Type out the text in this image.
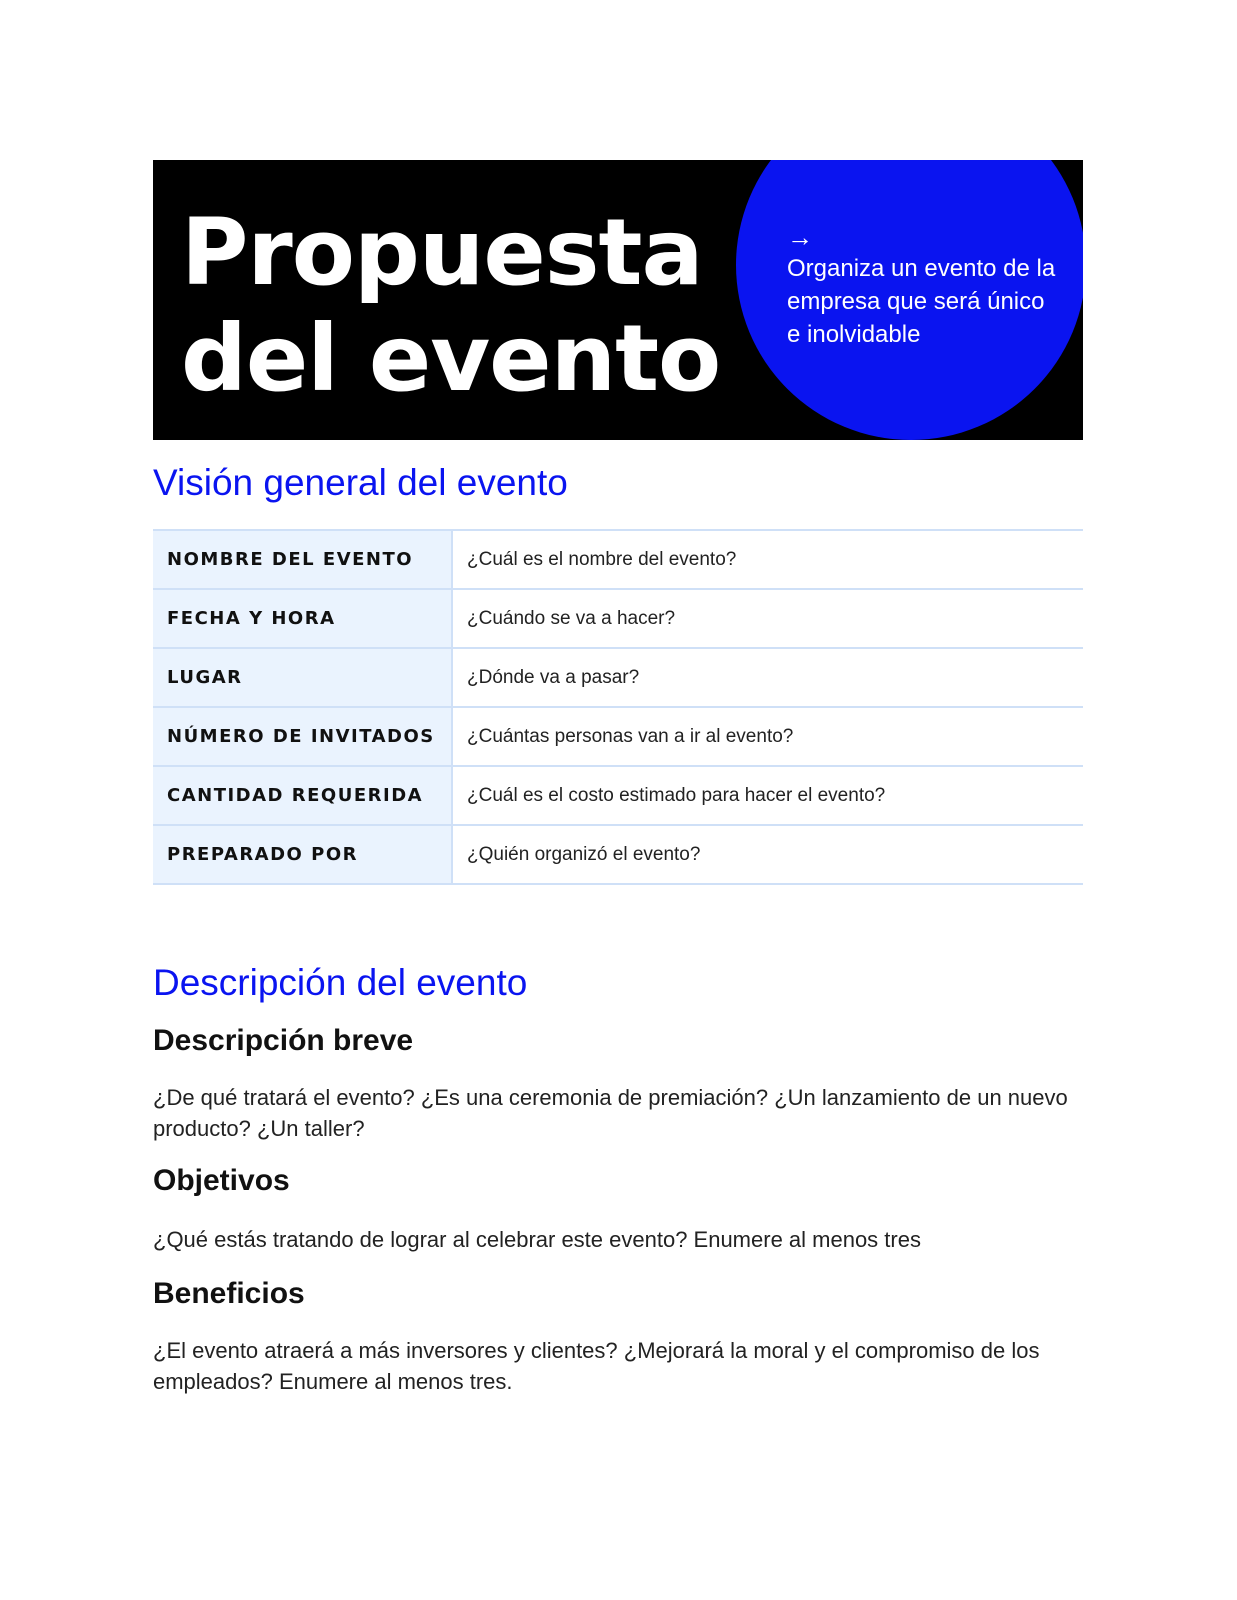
Propuesta
del evento
→
Organiza un evento de la empresa que será único e inolvidable
Visión general del evento
NOMBRE DEL EVENTO	¿Cuál es el nombre del evento?
FECHA Y HORA	¿Cuándo se va a hacer?
LUGAR	¿Dónde va a pasar?
NÚMERO DE INVITADOS	¿Cuántas personas van a ir al evento?
CANTIDAD REQUERIDA	¿Cuál es el costo estimado para hacer el evento?
PREPARADO POR	¿Quién organizó el evento?
Descripción del evento
Descripción breve

¿De qué tratará el evento? ¿Es una ceremonia de premiación? ¿Un lanzamiento de un nuevo producto? ¿Un taller?

Objetivos

¿Qué estás tratando de lograr al celebrar este evento? Enumere al menos tres

Beneficios

¿El evento atraerá a más inversores y clientes? ¿Mejorará la moral y el compromiso de los empleados? Enumere al menos tres.
